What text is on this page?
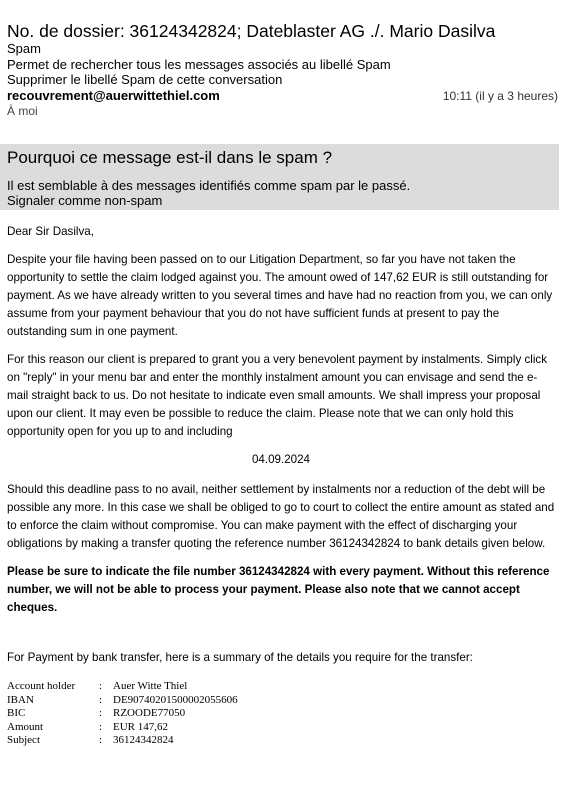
No. de dossier: 36124342824; Dateblaster AG ./. Mario Dasilva
Spam
Permet de rechercher tous les messages associés au libellé Spam
Supprimer le libellé Spam de cette conversation
recouvrement@auerwittethiel.com	10:11 (il y a 3 heures)
À moi
Pourquoi ce message est-il dans le spam ?
Il est semblable à des messages identifiés comme spam par le passé.
Signaler comme non-spam

Dear Sir Dasilva,

Despite your file having been passed on to our Litigation Department, so far you have not taken the opportunity to settle the claim lodged against you. The amount owed of 147,62 EUR is still outstanding for payment. As we have already written to you several times and have had no reaction from you, we can only assume from your payment behaviour that you do not have sufficient funds at present to pay the outstanding sum in one payment.

For this reason our client is prepared to grant you a very benevolent payment by instalments. Simply click on "reply" in your menu bar and enter the monthly instalment amount you can envisage and send the e-mail straight back to us. Do not hesitate to indicate even small amounts. We shall impress your proposal upon our client. It may even be possible to reduce the claim. Please note that we can only hold this opportunity open for you up to and including

04.09.2024

Should this deadline pass to no avail, neither settlement by instalments nor a reduction of the debt will be possible any more. In this case we shall be obliged to go to court to collect the entire amount as stated and to enforce the claim without compromise. You can make payment with the effect of discharging your obligations by making a transfer quoting the reference number 36124342824 to bank details given below.

Please be sure to indicate the file number 36124342824 with every payment. Without this reference number, we will not be able to process your payment. Please also note that we cannot accept cheques.

For Payment by bank transfer, here is a summary of the details you require for the transfer:

Account holder	:	Auer Witte Thiel
IBAN	:	DE90740201500002055606
BIC	:	RZOODE77050
Amount	:	EUR 147,62
Subject	:	36124342824
